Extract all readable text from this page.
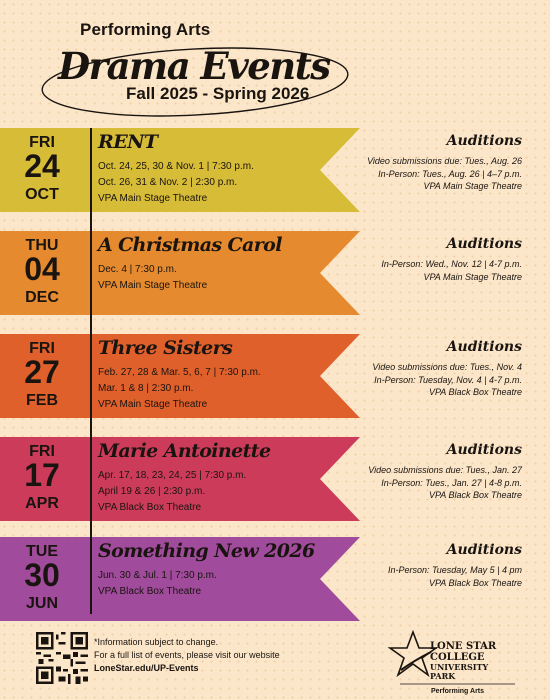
Performing Arts
Drama Events
Fall 2025 - Spring 2026
FRI
24
OCT
RENT
Oct. 24, 25, 30 & Nov. 1 | 7:30 p.m.
Oct. 26, 31 & Nov. 2 | 2:30 p.m.
VPA Main Stage Theatre
Auditions
Video submissions due: Tues., Aug. 26
In-Person: Tues., Aug. 26 | 4–7 p.m.
VPA Main Stage Theatre
THU
04
DEC
A Christmas Carol
Dec. 4 | 7:30 p.m.
VPA Main Stage Theatre
Auditions
In-Person: Wed., Nov. 12 | 4-7 p.m.
VPA Main Stage Theatre
FRI
27
FEB
Three Sisters
Feb. 27, 28 & Mar. 5, 6, 7 | 7:30 p.m.
Mar. 1 & 8 | 2:30 p.m.
VPA Main Stage Theatre
Auditions
Video submissions due: Tues., Nov. 4
In-Person: Tuesday, Nov. 4 | 4-7 p.m.
VPA Black Box Theatre
FRI
17
APR
Marie Antoinette
Apr. 17, 18, 23, 24, 25 | 7:30 p.m.
April 19 & 26 | 2:30 p.m.
VPA Black Box Theatre
Auditions
Video submissions due: Tues., Jan. 27
In-Person: Tues., Jan. 27 | 4-8 p.m.
VPA Black Box Theatre
TUE
30
JUN
Something New 2026
Jun. 30 & Jul. 1 | 7:30 p.m.
VPA Black Box Theatre
Auditions
In-Person: Tuesday, May 5 | 4 pm
VPA Black Box Theatre
*Information subject to change.
For a full list of events, please visit our website
LoneStar.edu/UP-Events
LONE STAR
COLLEGE
UNIVERSITY
PARK
Performing Arts
